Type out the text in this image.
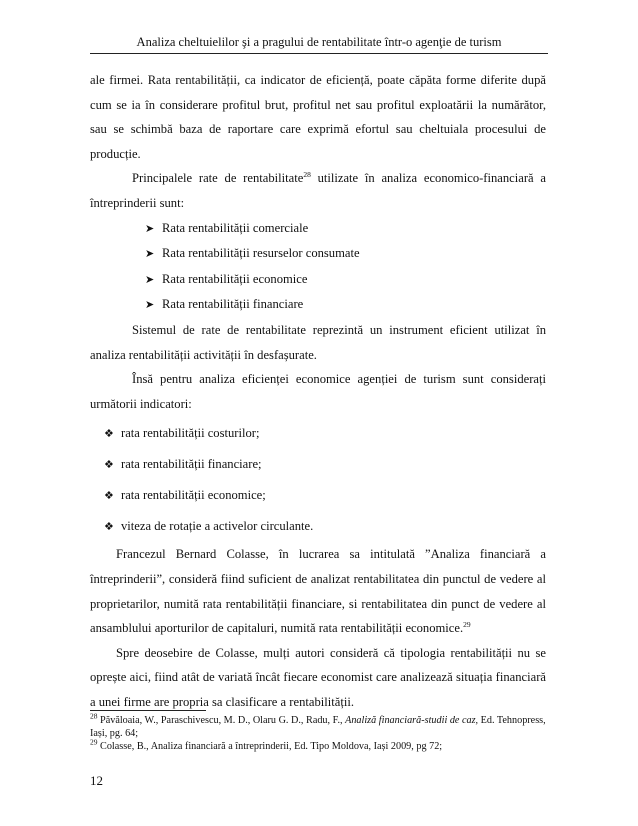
Analiza cheltuielilor şi a pragului de rentabilitate într-o agenţie de turism

ale firmei. Rata rentabilității, ca indicator de eficiență, poate căpăta forme diferite după cum se ia în considerare profitul brut, profitul net sau profitul exploatării la numărător, sau se schimbă baza de raportare care exprimă efortul sau cheltuiala procesului de producție.

Principalele rate de rentabilitate$^{28}$ utilizate în analiza economico-financiară a întreprinderii sunt:

➤ Rata rentabilității comerciale

➤ Rata rentabilității resurselor consumate

➤ Rata rentabilității economice

➤ Rata rentabilității financiare

Sistemul de rate de rentabilitate reprezintă un instrument eficient utilizat în analiza rentabilității activității în desfașurate.

Însă pentru analiza eficienței economice agenției de turism sunt considerați următorii indicatori:

❖ rata rentabilității costurilor;

❖ rata rentabilității financiare;

❖ rata rentabilității economice;

❖ viteza de rotație a activelor circulante.

Francezul Bernard Colasse, în lucrarea sa intitulată ”Analiza financiară a întreprinderii”, consideră fiind suficient de analizat rentabilitatea din punctul de vedere al proprietarilor, numită rata rentabilității financiare, si rentabilitatea din punct de vedere al ansamblului aporturilor de capitaluri, numită rata rentabilității economice.$^{29}$

Spre deosebire de Colasse, mulți autori consideră că tipologia rentabilității nu se oprește aici, fiind atât de variată încât fiecare economist care analizează situația financiară a unei firme are propria sa clasificare a rentabilității.

$^{28}$ Păvăloaia, W., Paraschivescu, M. D., Olaru G. D., Radu, F., Analiză financiară-studii de caz, Ed. Tehnopress, Iași, pg. 64;

$^{29}$ Colasse, B., Analiza financiară a întreprinderii, Ed. Tipo Moldova, Iași 2009, pg 72;

12
